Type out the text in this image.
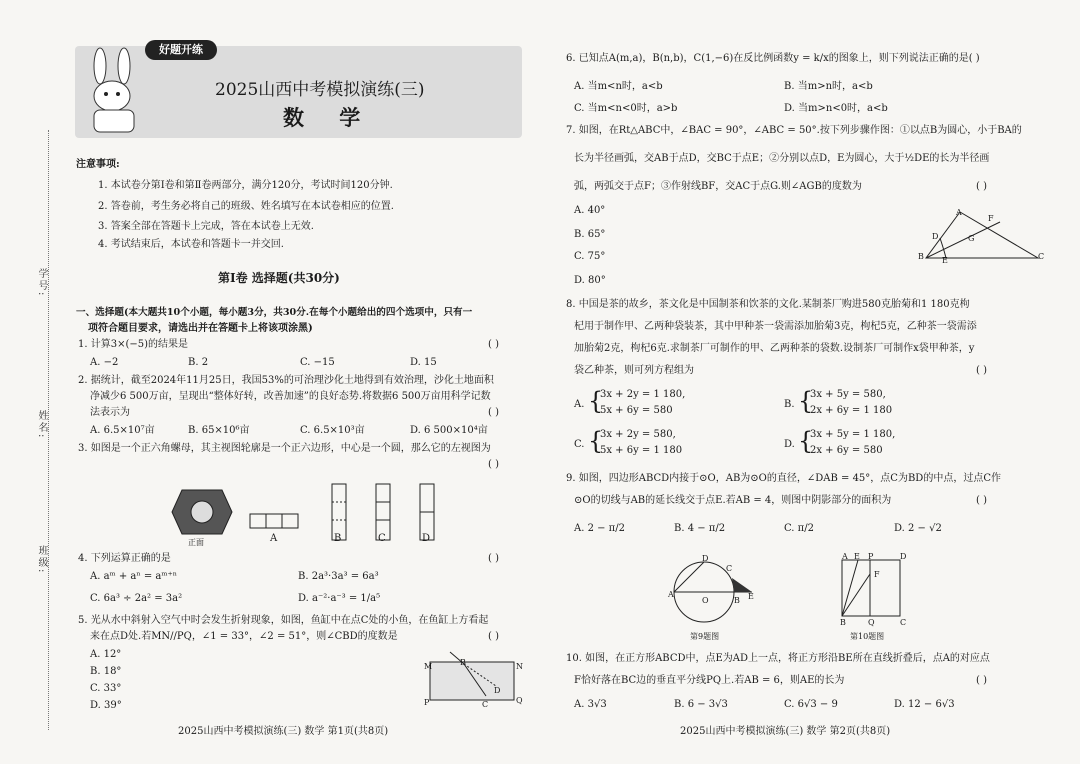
学号:
姓名:
班级:
好题开练
2025山西中考模拟演练(三)
数 学
注意事项:
1. 本试卷分第Ⅰ卷和第Ⅱ卷两部分，满分120分，考试时间120分钟.
2. 答卷前，考生务必将自己的班级、姓名填写在本试卷相应的位置.
3. 答案全部在答题卡上完成，答在本试卷上无效.
4. 考试结束后，本试卷和答题卡一并交回.
第Ⅰ卷 选择题(共30分)
一、选择题(本大题共10个小题，每小题3分，共30分.在每个小题给出的四个选项中，只有一
项符合题目要求，请选出并在答题卡上将该项涂黑)
1. 计算3×(−5)的结果是	( )
A. −2	B. 2	C. −15	D. 15
2. 据统计，截至2024年11月25日，我国53%的可治理沙化土地得到有效治理，沙化土地面积
净减少6 500万亩，呈现出“整体好转，改善加速”的良好态势.将数据6 500万亩用科学记数
法表示为	( )
A. 6.5×10⁷亩	B. 65×10⁶亩	C. 6.5×10³亩	D. 6 500×10⁴亩
3. 如图是一个正六角螺母，其主视图轮廓是一个正六边形，中心是一个圆，那么它的左视图为
( )
正面	A	B	C	D
4. 下列运算正确的是	( )
A. aᵐ + aⁿ = aᵐ⁺ⁿ	B. 2a³·3a³ = 6a³
C. 6a³ ÷ 2a² = 3a²	D. a⁻²·a⁻³ = 1/a⁵
5. 光从水中斜射入空气中时会发生折射现象，如图，鱼缸中在点C处的小鱼，在鱼缸上方看起
来在点D处.若MN//PQ，∠1 = 33°，∠2 = 51°，则∠CBD的度数是	( )
A. 12°
B. 18°
C. 33°
D. 39°
M	N
P	Q
B
C
D
2025山西中考模拟演练(三) 数学 第1页(共8页)
6. 已知点A(m,a)，B(n,b)，C(1,−6)在反比例函数y = k/x的图象上，则下列说法正确的是( )
A. 当m<n时，a<b	B. 当m>n时，a<b
C. 当m<n<0时，a>b	D. 当m>n<0时，a<b
7. 如图，在Rt△ABC中，∠BAC = 90°，∠ABC = 50°.按下列步骤作图：①以点B为圆心，小于BA的
长为半径画弧，交AB于点D，交BC于点E；②分别以点D，E为圆心，大于½DE的长为半径画
弧，两弧交于点F；③作射线BF，交AC于点G.则∠AGB的度数为	( )
A. 40°
B. 65°
C. 75°
D. 80°
B
A
C
D
E
F
G
8. 中国是茶的故乡，茶文化是中国制茶和饮茶的文化.某制茶厂购进580克胎菊和1 180克枸
杞用于制作甲、乙两种袋装茶，其中甲种茶一袋需添加胎菊3克，枸杞5克，乙种茶一袋需添
加胎菊2克，枸杞6克.求制茶厂可制作的甲、乙两种茶的袋数.设制茶厂可制作x袋甲种茶，y
袋乙种茶，则可列方程组为	( )
A. {
3x + 2y = 1 180,
5x + 6y = 580
B. {
3x + 5y = 580,
2x + 6y = 1 180
C. {
3x + 2y = 580,
5x + 6y = 1 180
D. {
3x + 5y = 1 180,
2x + 6y = 580
9. 如图，四边形ABCD内接于⊙O，AB为⊙O的直径，∠DAB = 45°，点C为BD的中点，过点C作
⊙O的切线与AB的延长线交于点E.若AB = 4，则图中阴影部分的面积为	( )
A. 2 − π/2	B. 4 − π/2	C. π/2	D. 2 − √2
A
D
C
O	B E
第9题图
A E P	D
F
B	Q	C
第10题图
10. 如图，在正方形ABCD中，点E为AD上一点，将正方形沿BE所在直线折叠后，点A的对应点
F恰好落在BC边的垂直平分线PQ上.若AB = 6，则AE的长为	( )
A. 3√3	B. 6 − 3√3	C. 6√3 − 9	D. 12 − 6√3
2025山西中考模拟演练(三) 数学 第2页(共8页)
